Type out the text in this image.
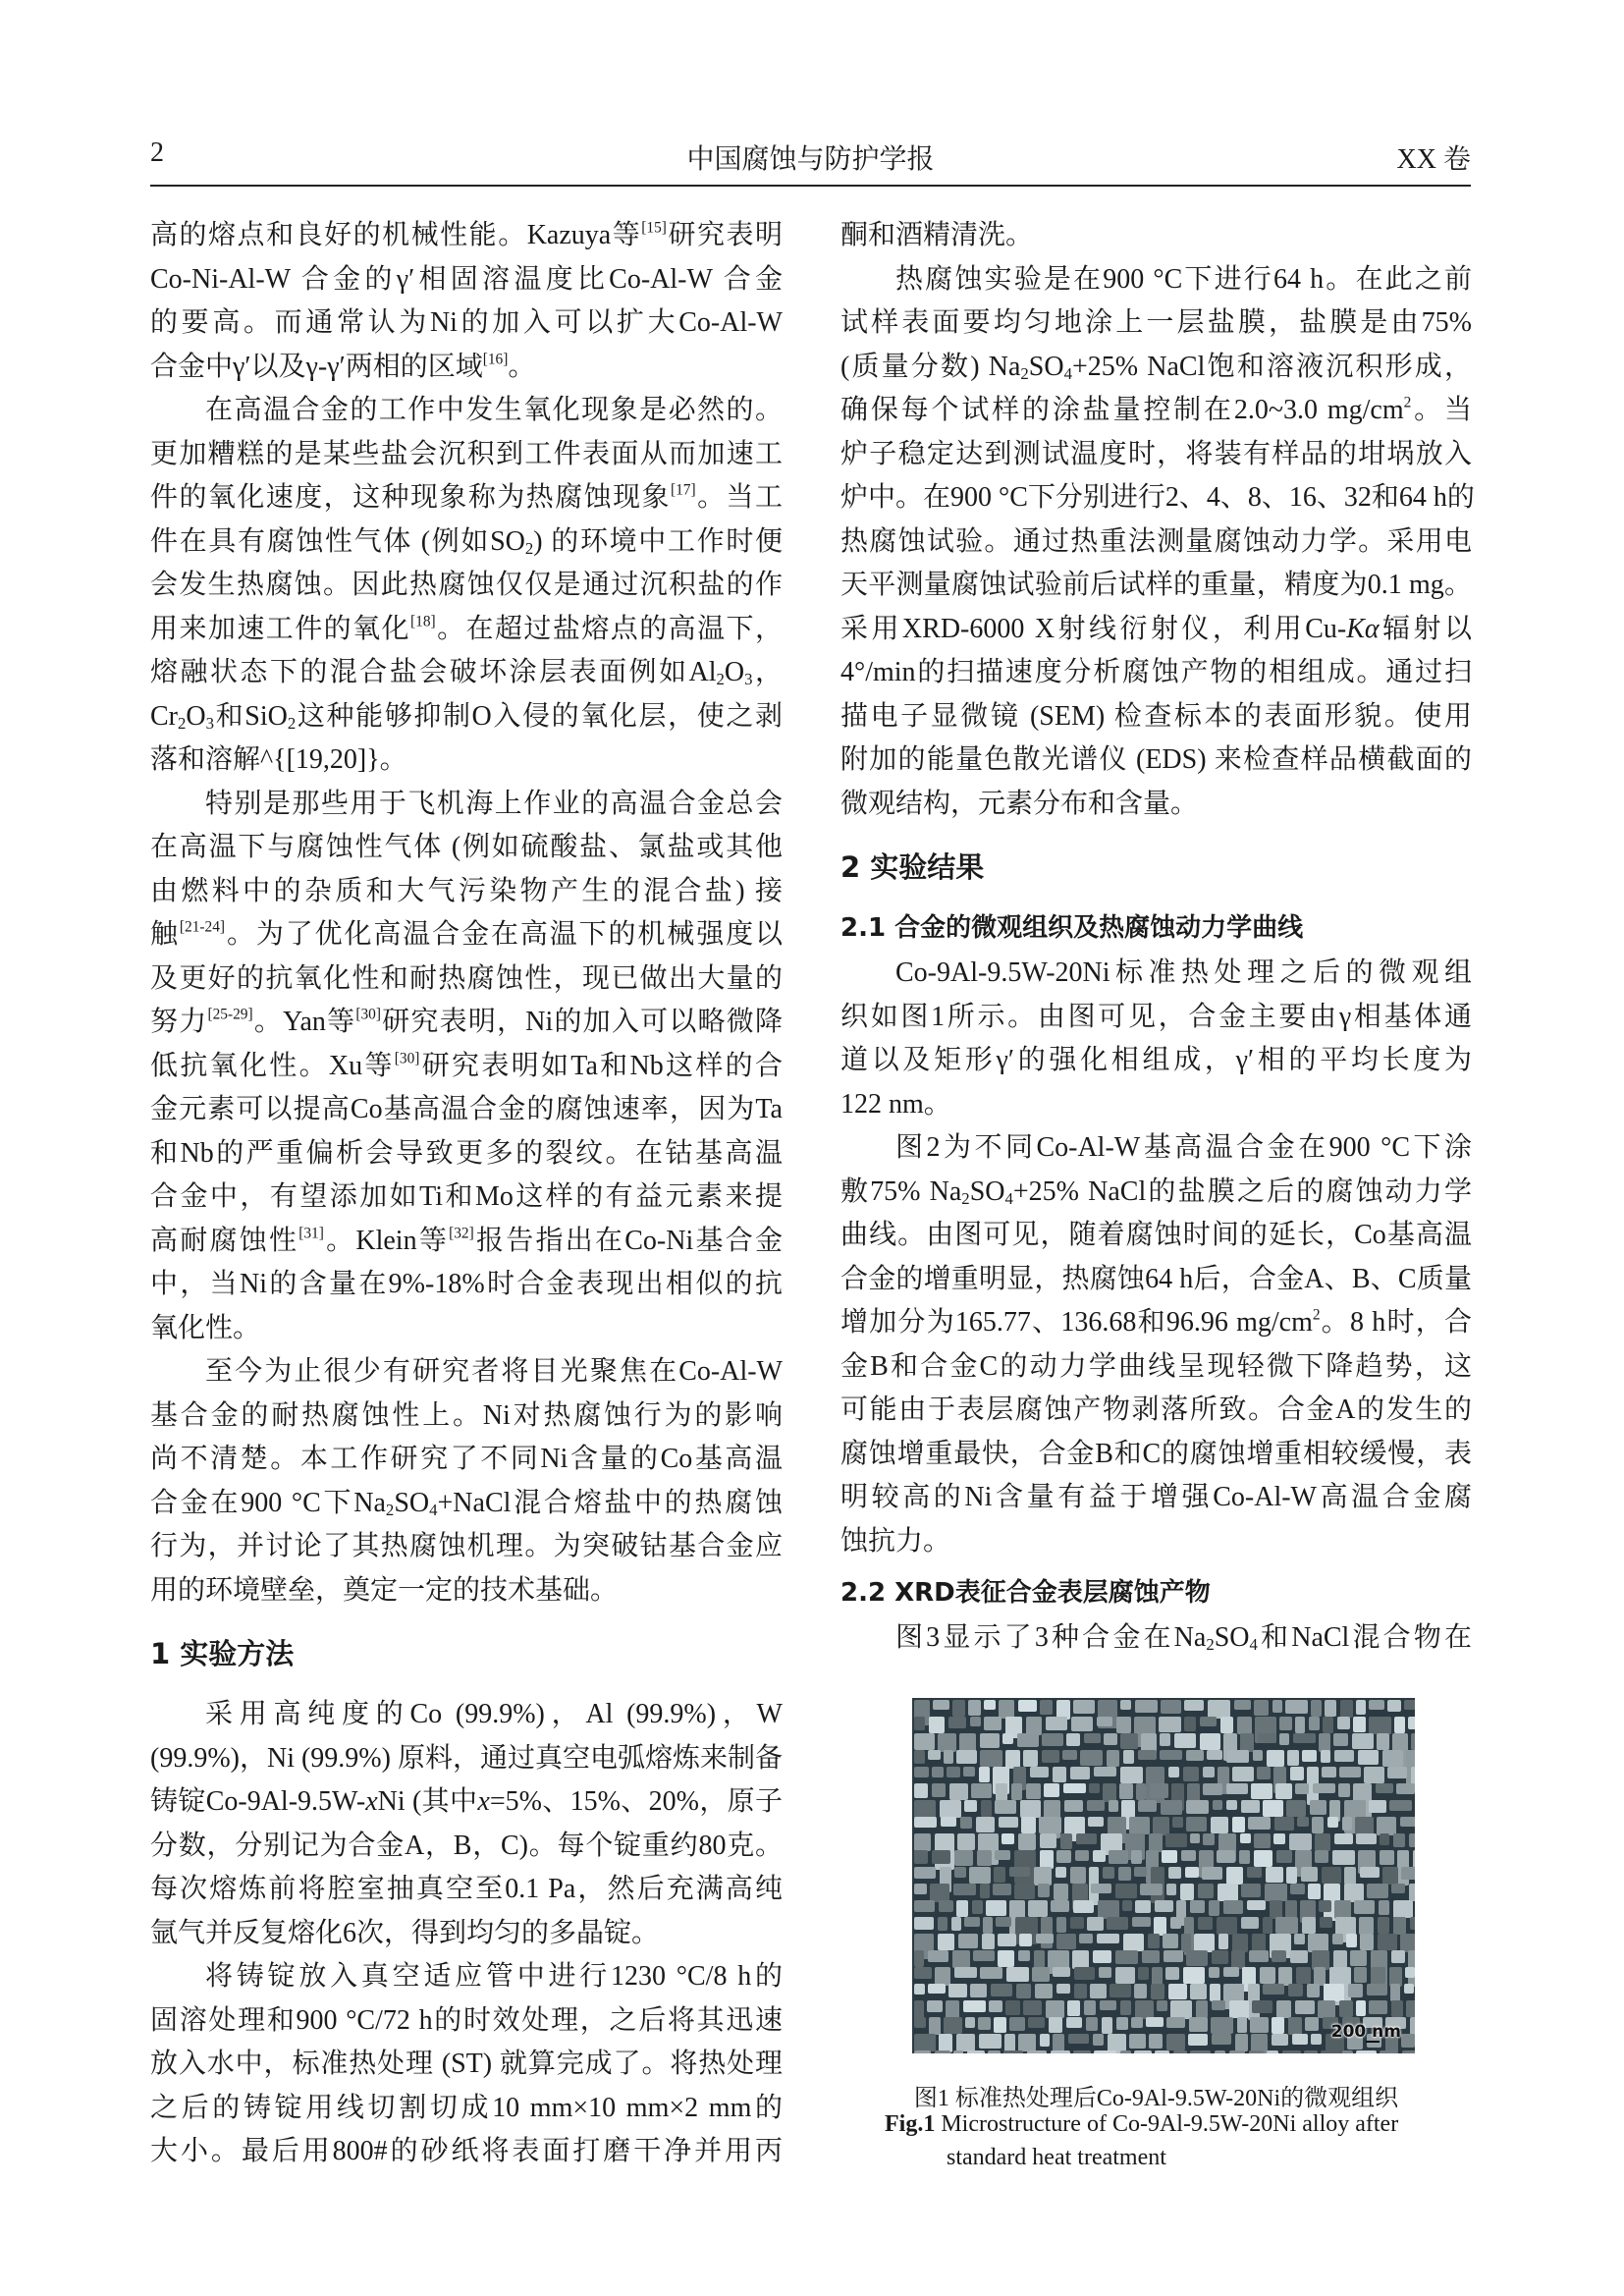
2	中国腐蚀与防护学报	XX 卷
高的熔点和良好的机械性能。Kazuya等[15]研究表明
Co-Ni-Al-W 合金的γ′相固溶温度比Co-Al-W 合金
的要高。而通常认为Ni的加入可以扩大Co-Al-W
合金中γ′以及γ-γ′两相的区域[16]。
在高温合金的工作中发生氧化现象是必然的。
更加糟糕的是某些盐会沉积到工件表面从而加速工
件的氧化速度，这种现象称为热腐蚀现象[17]。当工
件在具有腐蚀性气体 (例如$SO_2$) 的环境中工作时便
会发生热腐蚀。因此热腐蚀仅仅是通过沉积盐的作
用来加速工件的氧化[18]。在超过盐熔点的高温下，
熔融状态下的混合盐会破坏涂层表面例如$Al_2O_3$，
$Cr_2O_3$和SiO$_2$这种能够抑制O入侵的氧化层，使之剥
落和溶解^{[19,20]}。
特别是那些用于飞机海上作业的高温合金总会
在高温下与腐蚀性气体 (例如硫酸盐、氯盐或其他
由燃料中的杂质和大气污染物产生的混合盐) 接
触[21-24]。为了优化高温合金在高温下的机械强度以
及更好的抗氧化性和耐热腐蚀性，现已做出大量的
努力[25-29]。Yan等[30]研究表明，Ni的加入可以略微降
低抗氧化性。Xu等[30]研究表明如Ta和Nb这样的合
金元素可以提高Co基高温合金的腐蚀速率，因为Ta
和Nb的严重偏析会导致更多的裂纹。在钴基高温
合金中，有望添加如Ti和Mo这样的有益元素来提
高耐腐蚀性[31]。Klein等[32]报告指出在Co-Ni基合金
中，当Ni的含量在9%-18%时合金表现出相似的抗
氧化性。
至今为止很少有研究者将目光聚焦在Co-Al-W
基合金的耐热腐蚀性上。Ni对热腐蚀行为的影响
尚不清楚。本工作研究了不同Ni含量的Co基高温
合金在900 °C下$Na_2SO_4+NaCl$混合熔盐中的热腐蚀
行为，并讨论了其热腐蚀机理。为突破钴基合金应
用的环境壁垒，奠定一定的技术基础。
1 实验方法
采用高纯度的Co (99.9%)，Al (99.9%)，W
(99.9%)，Ni (99.9%) 原料，通过真空电弧熔炼来制备
铸锭Co-9Al-9.5W-xNi (其中x=5%、15%、20%，原子
分数，分别记为合金A，B，C)。每个锭重约80克。
每次熔炼前将腔室抽真空至0.1 Pa，然后充满高纯
氩气并反复熔化6次，得到均匀的多晶锭。
将铸锭放入真空适应管中进行1230 °C/8 h的
固溶处理和900 °C/72 h的时效处理，之后将其迅速
放入水中，标准热处理 (ST) 就算完成了。将热处理
之后的铸锭用线切割切成10 mm×10 mm×2 mm的
大小。最后用800#的砂纸将表面打磨干净并用丙
酮和酒精清洗。
热腐蚀实验是在900 °C下进行64 h。在此之前
试样表面要均匀地涂上一层盐膜，盐膜是由75%
(质量分数) $Na_2SO_4+25\%$ NaCl饱和溶液沉积形成，
确保每个试样的涂盐量控制在2.0~3.0 $mg/cm^2$。当
炉子稳定达到测试温度时，将装有样品的坩埚放入
炉中。在900 °C下分别进行2、4、8、16、32和64 h的
热腐蚀试验。通过热重法测量腐蚀动力学。采用电
天平测量腐蚀试验前后试样的重量，精度为0.1 mg。
采用XRD-6000 X射线衍射仪，利用Cu-Kα辐射以
4°/min的扫描速度分析腐蚀产物的相组成。通过扫
描电子显微镜 (SEM) 检查标本的表面形貌。使用
附加的能量色散光谱仪 (EDS) 来检查样品横截面的
微观结构，元素分布和含量。
2 实验结果
2.1 合金的微观组织及热腐蚀动力学曲线
Co-9Al-9.5W-20Ni标准热处理之后的微观组
织如图1所示。由图可见，合金主要由γ相基体通
道以及矩形γ′的强化相组成，γ′相的平均长度为
122 nm。
图2为不同Co-Al-W基高温合金在900 °C下涂
敷75% $Na_2SO_4+25\%$ NaCl的盐膜之后的腐蚀动力学
曲线。由图可见，随着腐蚀时间的延长，Co基高温
合金的增重明显，热腐蚀64 h后，合金A、B、C质量
增加分为165.77、136.68和96.96 $mg/cm^2$。8 h时，合
金B和合金C的动力学曲线呈现轻微下降趋势，这
可能由于表层腐蚀产物剥落所致。合金A的发生的
腐蚀增重最快，合金B和C的腐蚀增重相较缓慢，表
明较高的Ni含量有益于增强Co-Al-W高温合金腐
蚀抗力。
2.2 XRD表征合金表层腐蚀产物
图3显示了3种合金在$Na_2SO_4$和NaCl混合物在
200 nm
图1 标准热处理后Co-9Al-9.5W-20Ni的微观组织
Fig.1 Microstructure of Co-9Al-9.5W-20Ni alloy after
standard heat treatment
